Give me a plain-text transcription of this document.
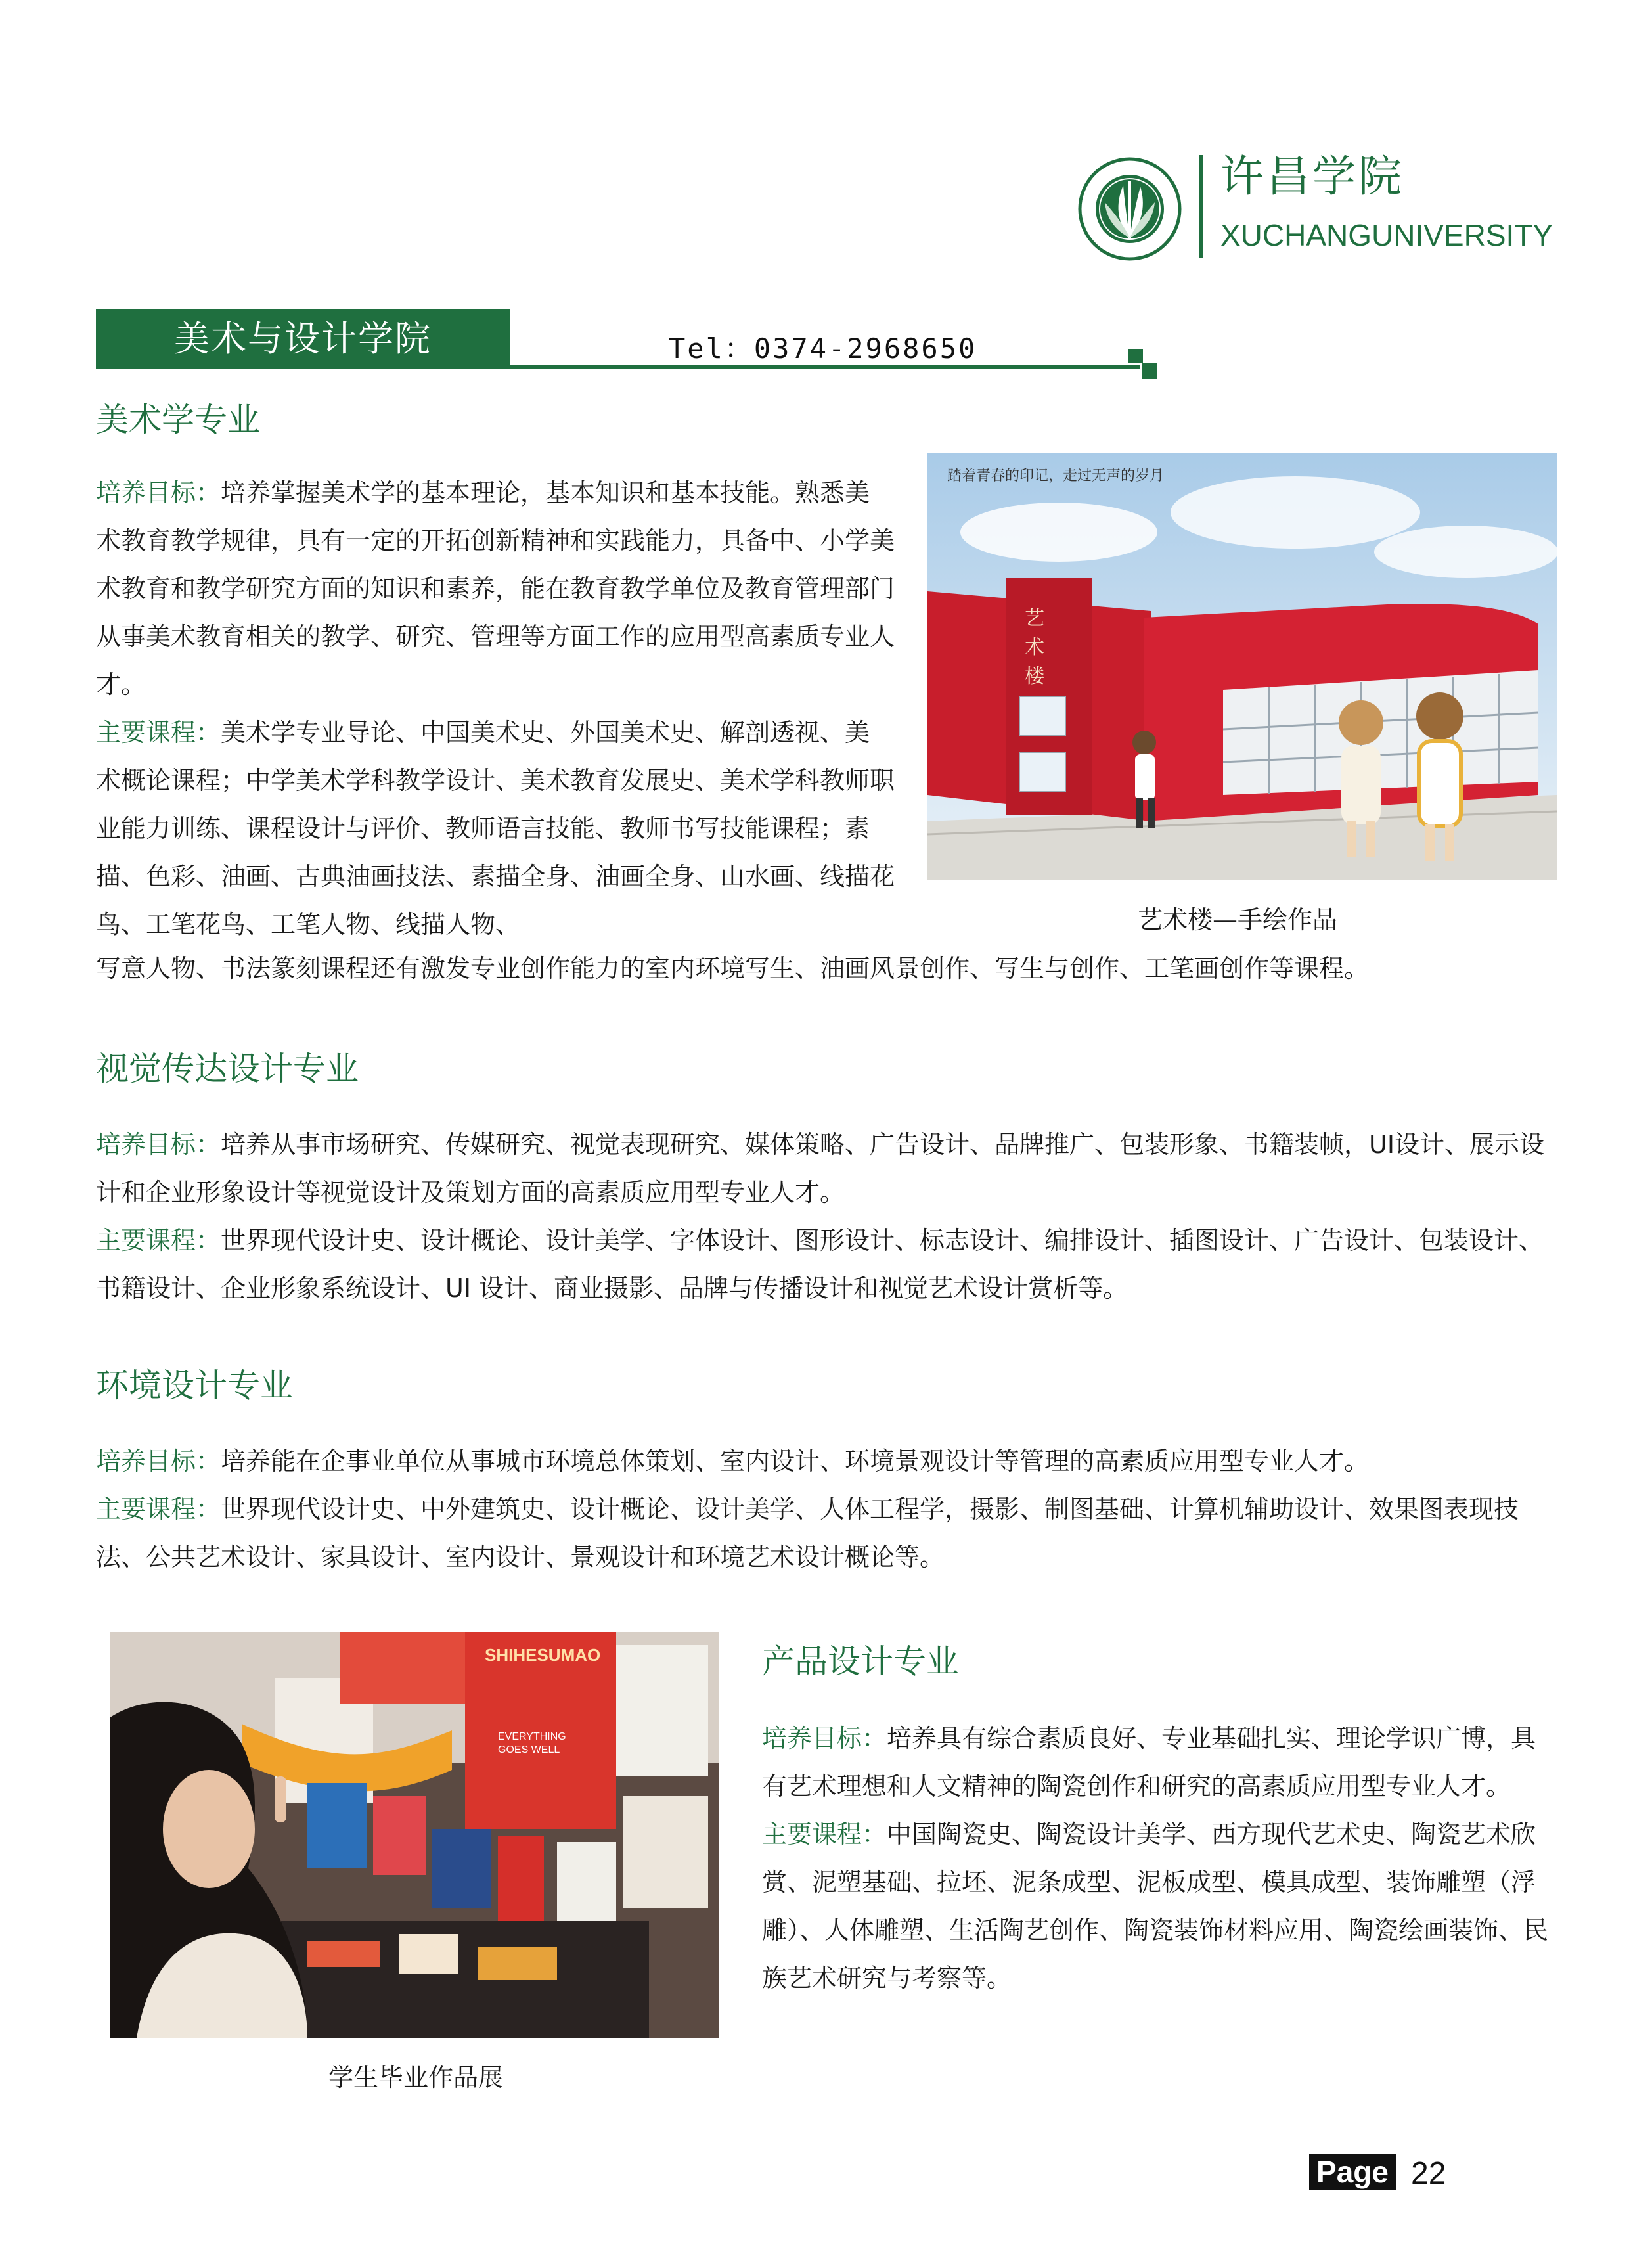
许昌学院
XUCHANGUNIVERSITY
美术与设计学院	Tel：0374-2968650
美术学专业

培养目标：培养掌握美术学的基本理论，基本知识和基本技能。熟悉美术教育教学规律，具有一定的开拓创新精神和实践能力，具备中、小学美术教育和教学研究方面的知识和素养，能在教育教学单位及教育管理部门从事美术教育相关的教学、研究、管理等方面工作的应用型高素质专业人才。

主要课程：美术学专业导论、中国美术史、外国美术史、解剖透视、美术概论课程；中学美术学科教学设计、美术教育发展史、美术学科教师职业能力训练、课程设计与评价、教师语言技能、教师书写技能课程；素描、色彩、油画、古典油画技法、素描全身、油画全身、山水画、线描花鸟、工笔花鸟、工笔人物、线描人物、

写意人物、书法篆刻课程还有激发专业创作能力的室内环境写生、油画风景创作、写生与创作、工笔画创作等课程。
踏着青春的印记，走过无声的岁月
艺术楼
艺术楼—手绘作品
视觉传达设计专业

培养目标：培养从事市场研究、传媒研究、视觉表现研究、媒体策略、广告设计、品牌推广、包装形象、书籍装帧，UI设计、展示设计和企业形象设计等视觉设计及策划方面的高素质应用型专业人才。

主要课程：世界现代设计史、设计概论、设计美学、字体设计、图形设计、标志设计、编排设计、插图设计、广告设计、包装设计、书籍设计、企业形象系统设计、UI 设计、商业摄影、品牌与传播设计和视觉艺术设计赏析等。

环境设计专业

培养目标：培养能在企事业单位从事城市环境总体策划、室内设计、环境景观设计等管理的高素质应用型专业人才。

主要课程：世界现代设计史、中外建筑史、设计概论、设计美学、人体工程学，摄影、制图基础、计算机辅助设计、效果图表现技法、公共艺术设计、家具设计、室内设计、景观设计和环境艺术设计概论等。

SHIHESUMAO
EVERYTHING GOES WELL
学生毕业作品展
产品设计专业

培养目标：培养具有综合素质良好、专业基础扎实、理论学识广博，具有艺术理想和人文精神的陶瓷创作和研究的高素质应用型专业人才。

主要课程：中国陶瓷史、陶瓷设计美学、西方现代艺术史、陶瓷艺术欣赏、泥塑基础、拉坯、泥条成型、泥板成型、模具成型、装饰雕塑（浮雕）、人体雕塑、生活陶艺创作、陶瓷装饰材料应用、陶瓷绘画装饰、民族艺术研究与考察等。

Page 22
